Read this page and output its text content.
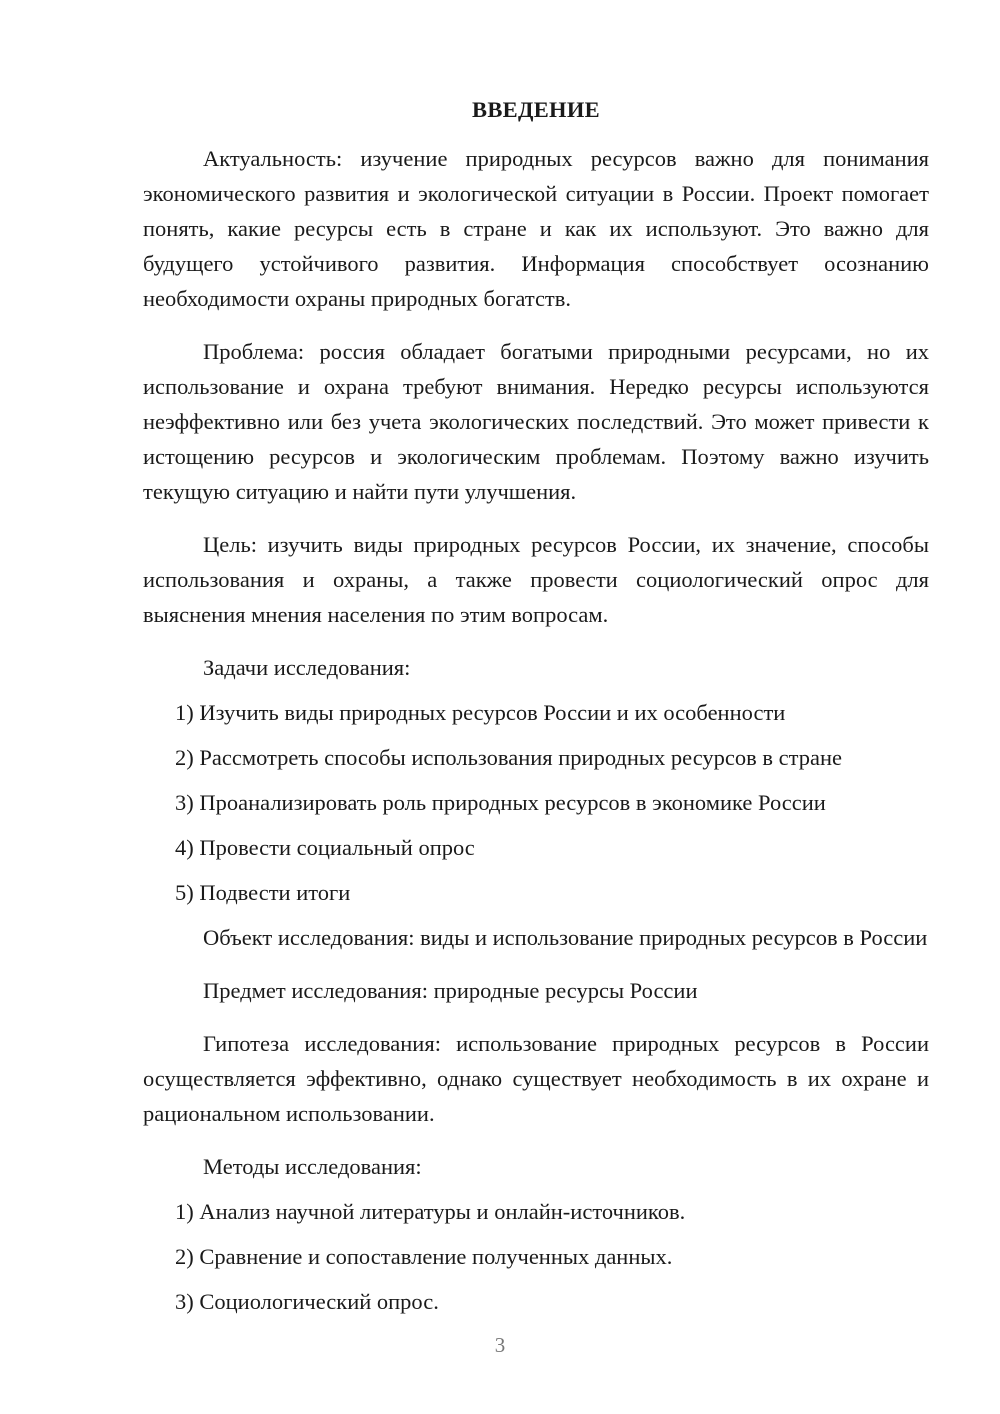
ВВЕДЕНИЕ

Актуальность: изучение природных ресурсов важно для понимания экономического развития и экологической ситуации в России. Проект помогает понять, какие ресурсы есть в стране и как их используют. Это важно для будущего устойчивого развития. Информация способствует осознанию необходимости охраны природных богатств.

Проблема: россия обладает богатыми природными ресурсами, но их использование и охрана требуют внимания. Нередко ресурсы используются неэффективно или без учета экологических последствий. Это может привести к истощению ресурсов и экологическим проблемам. Поэтому важно изучить текущую ситуацию и найти пути улучшения.

Цель: изучить виды природных ресурсов России, их значение, способы использования и охраны, а также провести социологический опрос для выяснения мнения населения по этим вопросам.

Задачи исследования:

1) Изучить виды природных ресурсов России и их особенности
2) Рассмотреть способы использования природных ресурсов в стране
3) Проанализировать роль природных ресурсов в экономике России
4) Провести социальный опрос
5) Подвести итоги

Объект исследования: виды и использование природных ресурсов в России

Предмет исследования: природные ресурсы России

Гипотеза исследования: использование природных ресурсов в России осуществляется эффективно, однако существует необходимость в их охране и рациональном использовании.

Методы исследования:

1) Анализ научной литературы и онлайн-источников.
2) Сравнение и сопоставление полученных данных.
3) Социологический опрос.
3
